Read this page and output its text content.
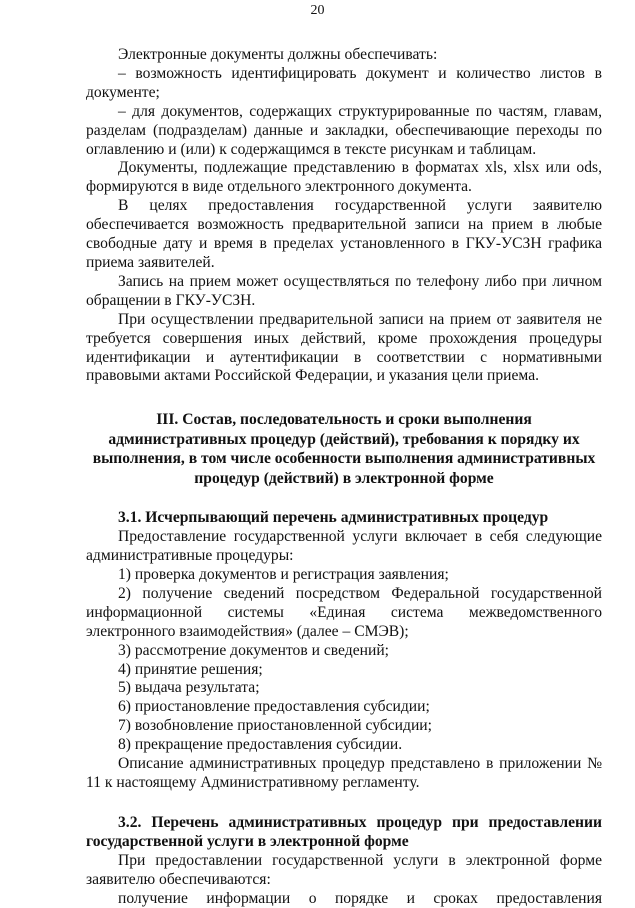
20

Электронные документы должны обеспечивать:

– возможность идентифицировать документ и количество листов в документе;

– для документов, содержащих структурированные по частям, главам, разделам (подразделам) данные и закладки, обеспечивающие переходы по оглавлению и (или) к содержащимся в тексте рисункам и таблицам.

Документы, подлежащие представлению в форматах xls, xlsx или ods, формируются в виде отдельного электронного документа.

В целях предоставления государственной услуги заявителю обеспечивается возможность предварительной записи на прием в любые свободные дату и время в пределах установленного в ГКУ-УСЗН графика приема заявителей.

Запись на прием может осуществляться по телефону либо при личном обращении в ГКУ-УСЗН.

При осуществлении предварительной записи на прием от заявителя не требуется совершения иных действий, кроме прохождения процедуры идентификации и аутентификации в соответствии с нормативными правовыми актами Российской Федерации, и указания цели приема.

III. Состав, последовательность и сроки выполнения административных процедур (действий), требования к порядку их выполнения, в том числе особенности выполнения административных процедур (действий) в электронной форме

3.1. Исчерпывающий перечень административных процедур

Предоставление государственной услуги включает в себя следующие административные процедуры:

1) проверка документов и регистрация заявления;

2) получение сведений посредством Федеральной государственной информационной системы «Единая система межведомственного электронного взаимодействия» (далее – СМЭВ);

3) рассмотрение документов и сведений;

4) принятие решения;

5) выдача результата;

6) приостановление предоставления субсидии;

7) возобновление приостановленной субсидии;

8) прекращение предоставления субсидии.

Описание административных процедур представлено в приложении № 11 к настоящему Административному регламенту.

3.2. Перечень административных процедур при предоставлении государственной услуги в электронной форме

При предоставлении государственной услуги в электронной форме заявителю обеспечиваются:

получение информации о порядке и сроках предоставления
